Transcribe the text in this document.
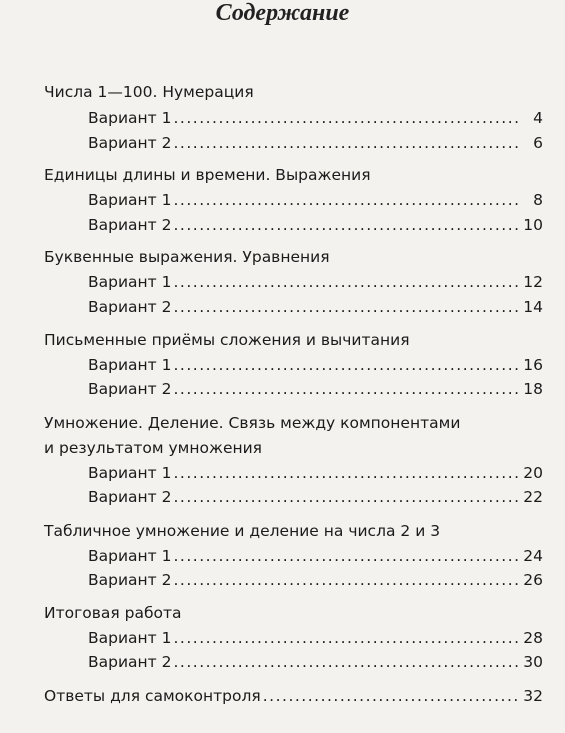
Содержание
Числа 1—100. Нумерация
Вариант 1 .....	4
Вариант 2 .....	6
Единицы длины и времени. Выражения
Вариант 1 .....	8
Вариант 2 .....	10
Буквенные выражения. Уравнения
Вариант 1 .....	12
Вариант 2 .....	14
Письменные приёмы сложения и вычитания
Вариант 1 .....	16
Вариант 2 .....	18
Умножение. Деление. Связь между компонентами
и результатом умножения
Вариант 1 .....	20
Вариант 2 .....	22
Табличное умножение и деление на числа 2 и 3
Вариант 1 .....	24
Вариант 2 .....	26
Итоговая работа
Вариант 1 .....	28
Вариант 2 .....	30
Ответы для самоконтроля .....	32
